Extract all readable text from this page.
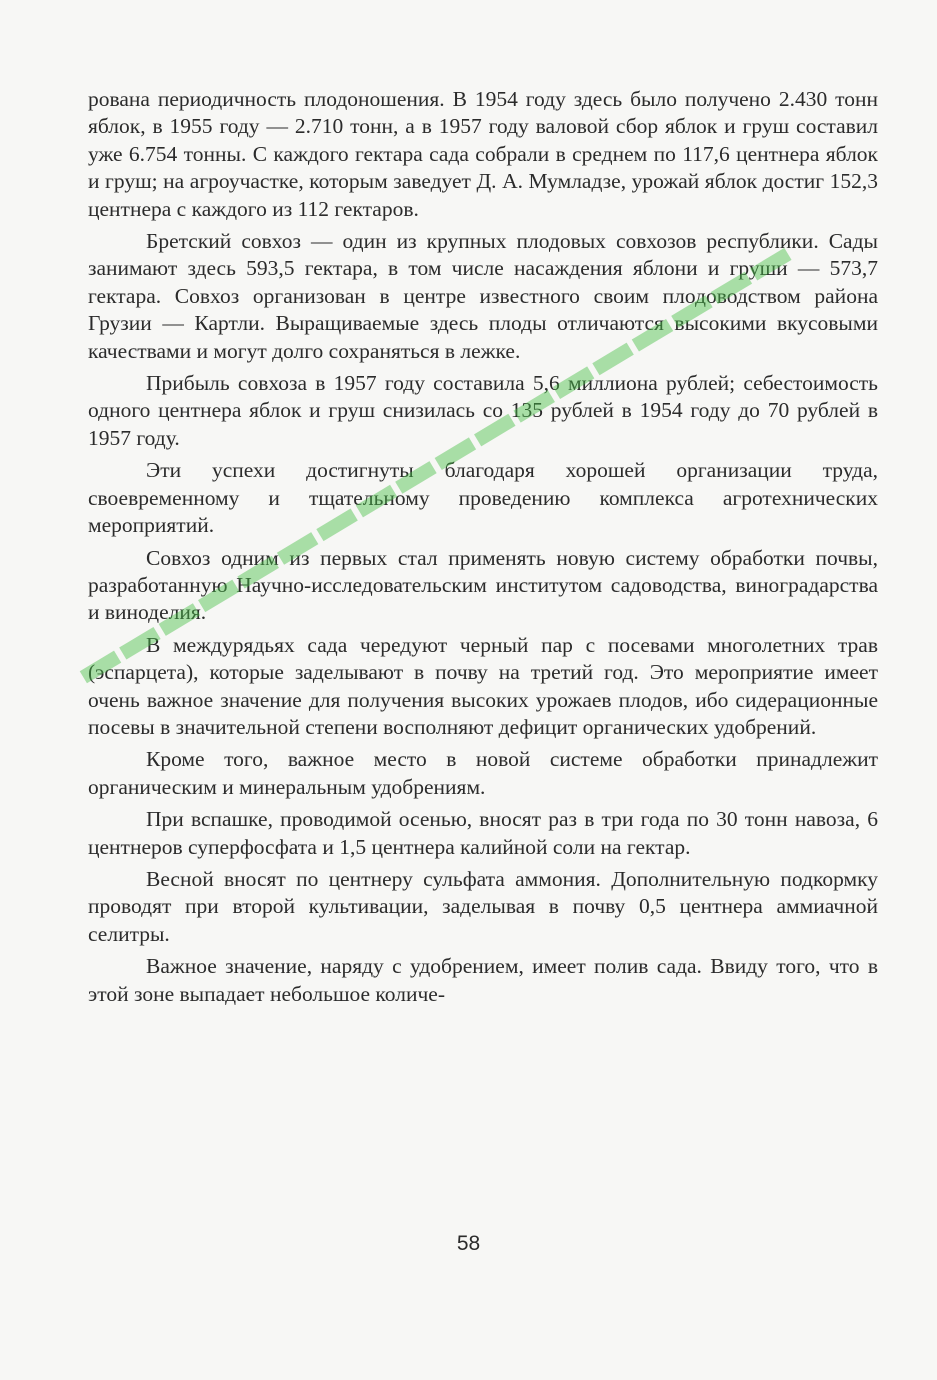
рована периодичность плодоношения. В 1954 году здесь было получено 2.430 тонн яблок, в 1955 году — 2.710 тонн, а в 1957 году валовой сбор яблок и груш составил уже 6.754 тонны. С каждого гектара сада собрали в среднем по 117,6 центнера яблок и груш; на агроучастке, которым заведует Д. А. Мумладзе, урожай яблок достиг 152,3 центнера с каждого из 112 гектаров.

Бретский совхоз — один из крупных плодовых совхозов республики. Сады занимают здесь 593,5 гектара, в том числе насаждения яблони и груши — 573,7 гектара. Совхоз организован в центре известного своим плодоводством района Грузии — Картли. Выращиваемые здесь плоды отличаются высокими вкусовыми качествами и могут долго сохраняться в лежке.

Прибыль совхоза в 1957 году составила 5,6 миллиона рублей; себестоимость одного центнера яблок и груш снизилась со 135 рублей в 1954 году до 70 рублей в 1957 году.

Эти успехи достигнуты благодаря хорошей организации труда, своевременному и тщательному проведению комплекса агротехнических мероприятий.

Совхоз одним из первых стал применять новую систему обработки почвы, разработанную Научно-исследовательским институтом садоводства, виноградарства и виноделия.

В междурядьях сада чередуют черный пар с посевами многолетних трав (эспарцета), которые заделывают в почву на третий год. Это мероприятие имеет очень важное значение для получения высоких урожаев плодов, ибо сидерационные посевы в значительной степени восполняют дефицит органических удобрений.

Кроме того, важное место в новой системе обработки принадлежит органическим и минеральным удобрениям.

При вспашке, проводимой осенью, вносят раз в три года по 30 тонн навоза, 6 центнеров суперфосфата и 1,5 центнера калийной соли на гектар.

Весной вносят по центнеру сульфата аммония. Дополнительную подкормку проводят при второй культивации, заделывая в почву 0,5 центнера аммиачной селитры.

Важное значение, наряду с удобрением, имеет полив сада. Ввиду того, что в этой зоне выпадает небольшое количе-

58
